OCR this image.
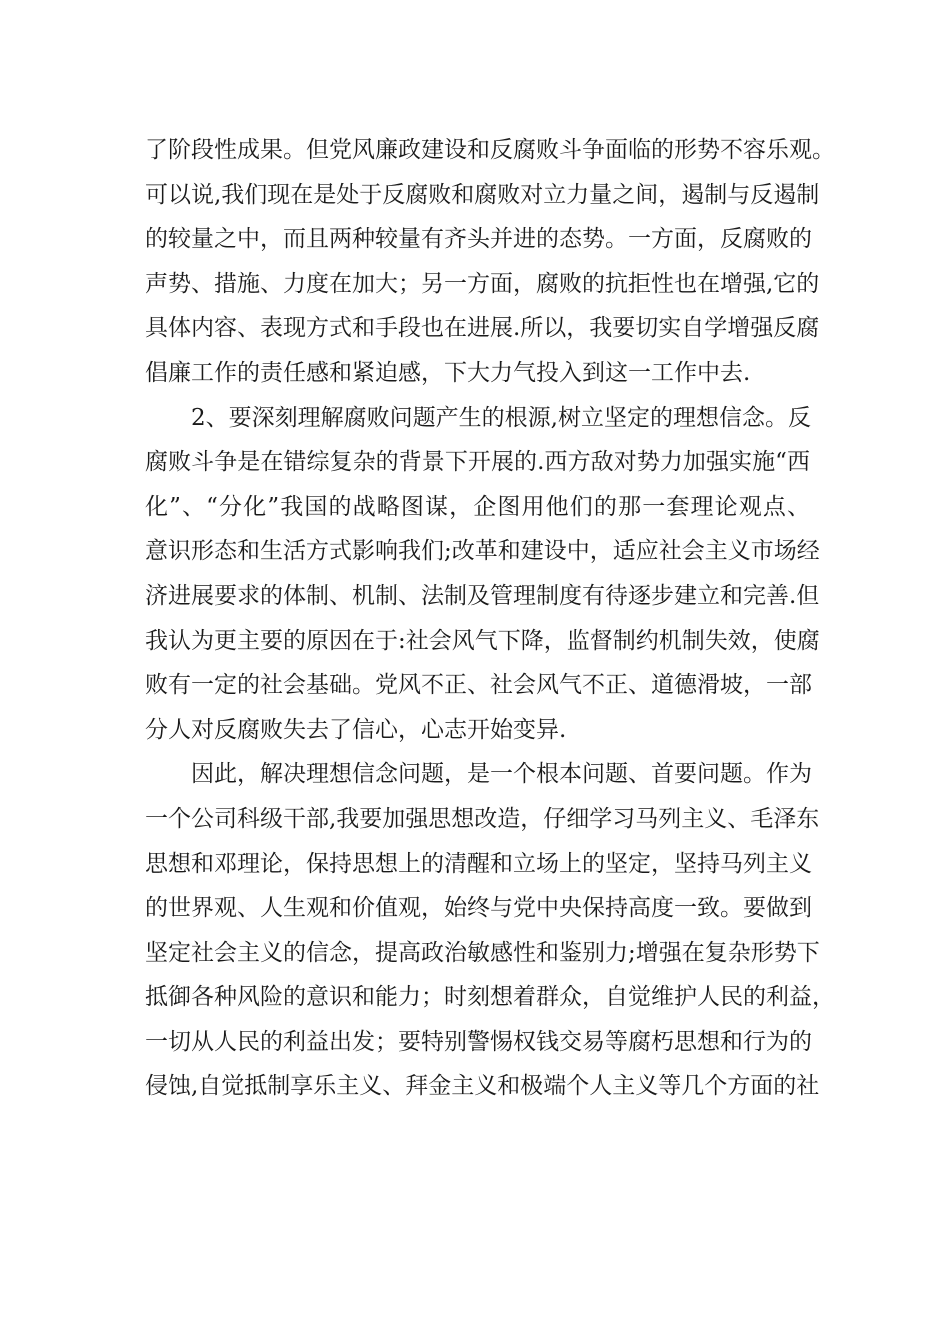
了阶段性成果。但党风廉政建设和反腐败斗争面临的形势不容乐观。
可以说,我们现在是处于反腐败和腐败对立力量之间，遏制与反遏制
的较量之中，而且两种较量有齐头并进的态势。一方面，反腐败的
声势、措施、力度在加大；另一方面，腐败的抗拒性也在增强,它的
具体内容、表现方式和手段也在进展.所以，我要切实自学增强反腐
倡廉工作的责任感和紧迫感，下大力气投入到这一工作中去.
2、要深刻理解腐败问题产生的根源,树立坚定的理想信念。反
腐败斗争是在错综复杂的背景下开展的.西方敌对势力加强实施“西
化”、“分化”我国的战略图谋，企图用他们的那一套理论观点、
意识形态和生活方式影响我们;改革和建设中，适应社会主义市场经
济进展要求的体制、机制、法制及管理制度有待逐步建立和完善.但
我认为更主要的原因在于:社会风气下降，监督制约机制失效，使腐
败有一定的社会基础。党风不正、社会风气不正、道德滑坡，一部
分人对反腐败失去了信心，心志开始变异.
因此，解决理想信念问题，是一个根本问题、首要问题。作为
一个公司科级干部,我要加强思想改造，仔细学习马列主义、毛泽东
思想和邓理论，保持思想上的清醒和立场上的坚定，坚持马列主义
的世界观、人生观和价值观，始终与党中央保持高度一致。要做到
坚定社会主义的信念，提高政治敏感性和鉴别力;增强在复杂形势下
抵御各种风险的意识和能力；时刻想着群众，自觉维护人民的利益，
一切从人民的利益出发；要特别警惕权钱交易等腐朽思想和行为的
侵蚀,自觉抵制享乐主义、拜金主义和极端个人主义等几个方面的社
